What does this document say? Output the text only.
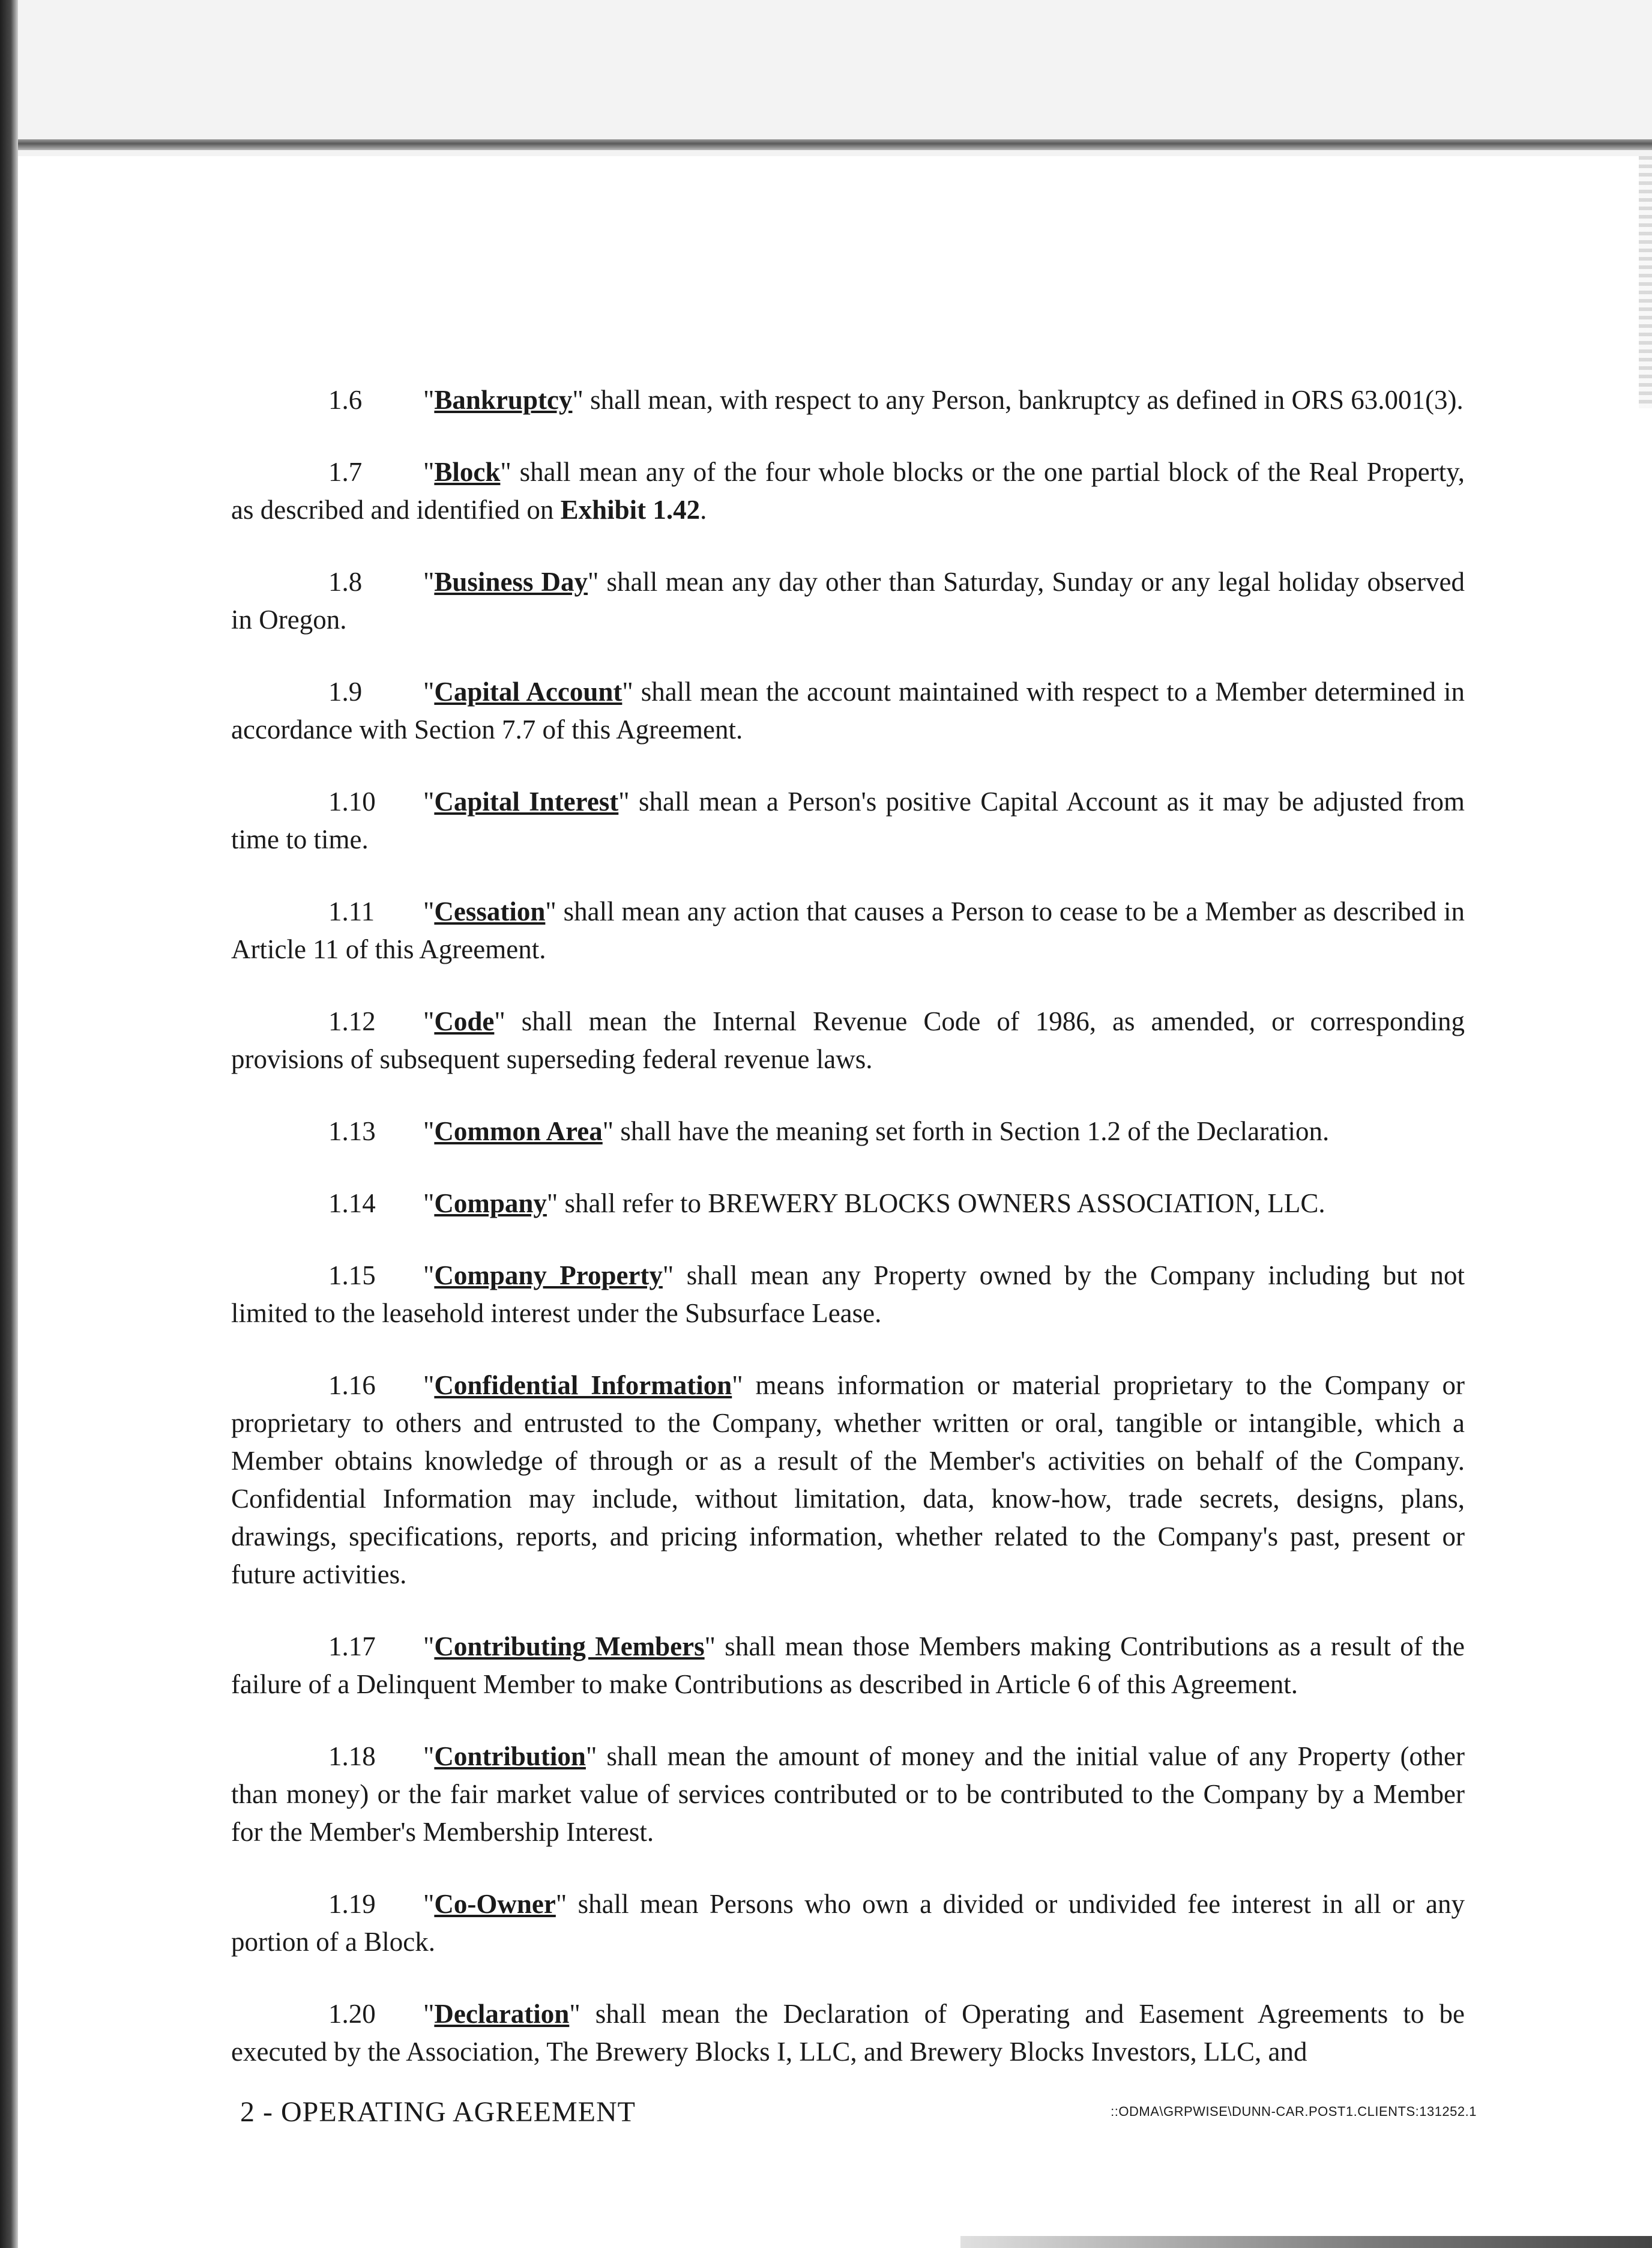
1.6 "Bankruptcy" shall mean, with respect to any Person, bankruptcy as defined in ORS 63.001(3).

1.7 "Block" shall mean any of the four whole blocks or the one partial block of the Real Property, as described and identified on Exhibit 1.42.

1.8 "Business Day" shall mean any day other than Saturday, Sunday or any legal holiday observed in Oregon.

1.9 "Capital Account" shall mean the account maintained with respect to a Member determined in accordance with Section 7.7 of this Agreement.

1.10 "Capital Interest" shall mean a Person's positive Capital Account as it may be adjusted from time to time.

1.11 "Cessation" shall mean any action that causes a Person to cease to be a Member as described in Article 11 of this Agreement.

1.12 "Code" shall mean the Internal Revenue Code of 1986, as amended, or corresponding provisions of subsequent superseding federal revenue laws.

1.13 "Common Area" shall have the meaning set forth in Section 1.2 of the Declaration.

1.14 "Company" shall refer to BREWERY BLOCKS OWNERS ASSOCIATION, LLC.

1.15 "Company Property" shall mean any Property owned by the Company including but not limited to the leasehold interest under the Subsurface Lease.

1.16 "Confidential Information" means information or material proprietary to the Company or proprietary to others and entrusted to the Company, whether written or oral, tangible or intangible, which a Member obtains knowledge of through or as a result of the Member's activities on behalf of the Company. Confidential Information may include, without limitation, data, know-how, trade secrets, designs, plans, drawings, specifications, reports, and pricing information, whether related to the Company's past, present or future activities.

1.17 "Contributing Members" shall mean those Members making Contributions as a result of the failure of a Delinquent Member to make Contributions as described in Article 6 of this Agreement.

1.18 "Contribution" shall mean the amount of money and the initial value of any Property (other than money) or the fair market value of services contributed or to be contributed to the Company by a Member for the Member's Membership Interest.

1.19 "Co-Owner" shall mean Persons who own a divided or undivided fee interest in all or any portion of a Block.

1.20 "Declaration" shall mean the Declaration of Operating and Easement Agreements to be executed by the Association, The Brewery Blocks I, LLC, and Brewery Blocks Investors, LLC, and

2 - OPERATING AGREEMENT	::ODMA\GRPWISE\DUNN-CAR.POST1.CLIENTS:131252.1
